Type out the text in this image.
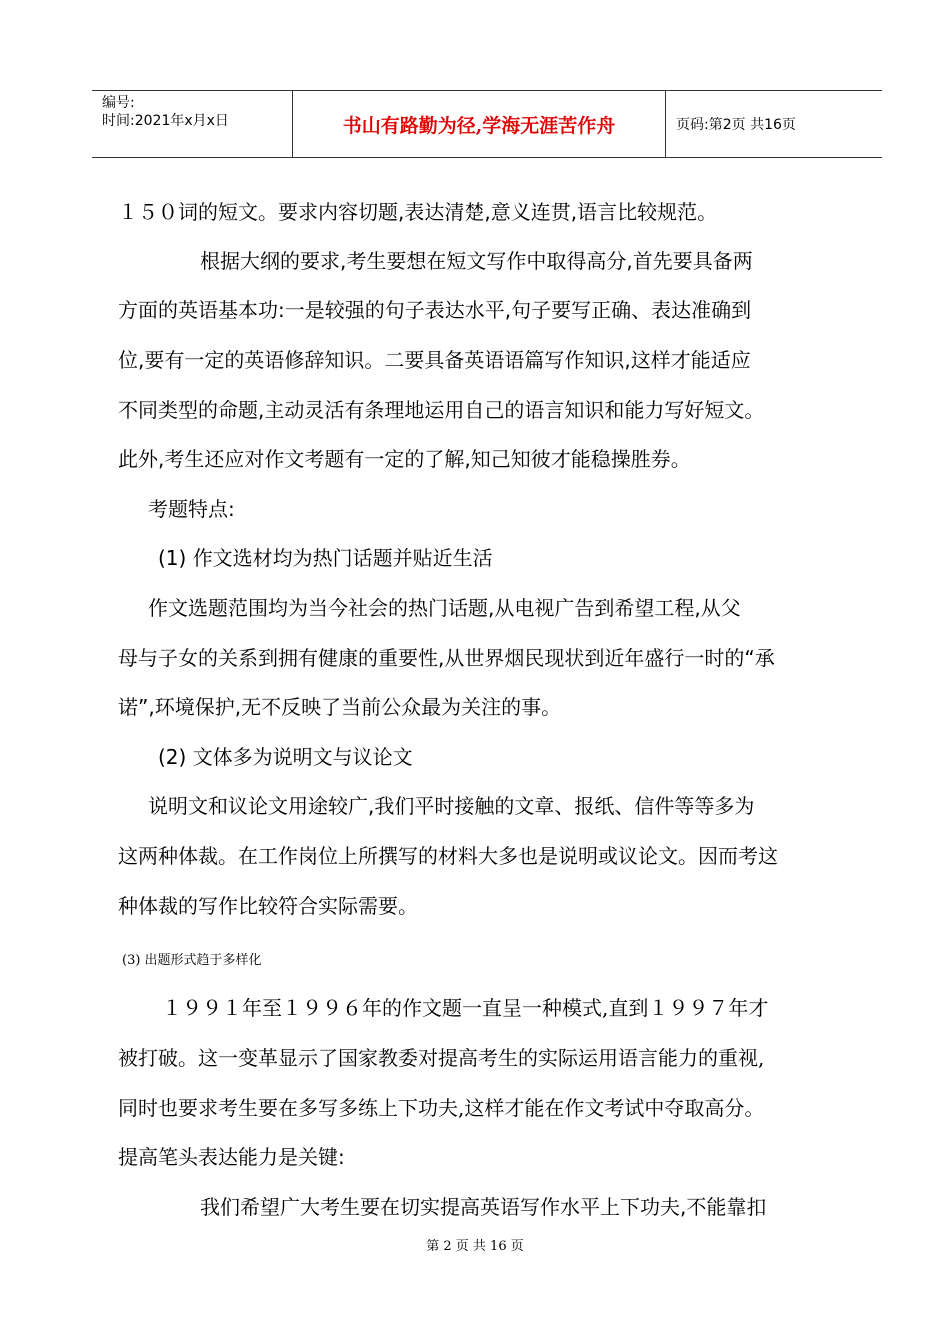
编号:
时间:2021年x月x日	书山有路勤为径,学海无涯苦作舟	页码:第2页 共16页
１５０词的短文。要求内容切题,表达清楚,意义连贯,语言比较规范。
根据大纲的要求,考生要想在短文写作中取得高分,首先要具备两
方面的英语基本功:一是较强的句子表达水平,句子要写正确、表达准确到
位,要有一定的英语修辞知识。二要具备英语语篇写作知识,这样才能适应
不同类型的命题,主动灵活有条理地运用自己的语言知识和能力写好短文。
此外,考生还应对作文考题有一定的了解,知己知彼才能稳操胜券。
考题特点:
(1) 作文选材均为热门话题并贴近生活
作文选题范围均为当今社会的热门话题,从电视广告到希望工程,从父
母与子女的关系到拥有健康的重要性,从世界烟民现状到近年盛行一时的“承
诺”,环境保护,无不反映了当前公众最为关注的事。
(2) 文体多为说明文与议论文
说明文和议论文用途较广,我们平时接触的文章、报纸、信件等等多为
这两种体裁。在工作岗位上所撰写的材料大多也是说明或议论文。因而考这
种体裁的写作比较符合实际需要。
(3) 出题形式趋于多样化
１９９１年至１９９６年的作文题一直呈一种模式,直到１９９７年才
被打破。这一变革显示了国家教委对提高考生的实际运用语言能力的重视,
同时也要求考生要在多写多练上下功夫,这样才能在作文考试中夺取高分。
提高笔头表达能力是关键:
我们希望广大考生要在切实提高英语写作水平上下功夫,不能靠扣
第 2 页 共 16 页
